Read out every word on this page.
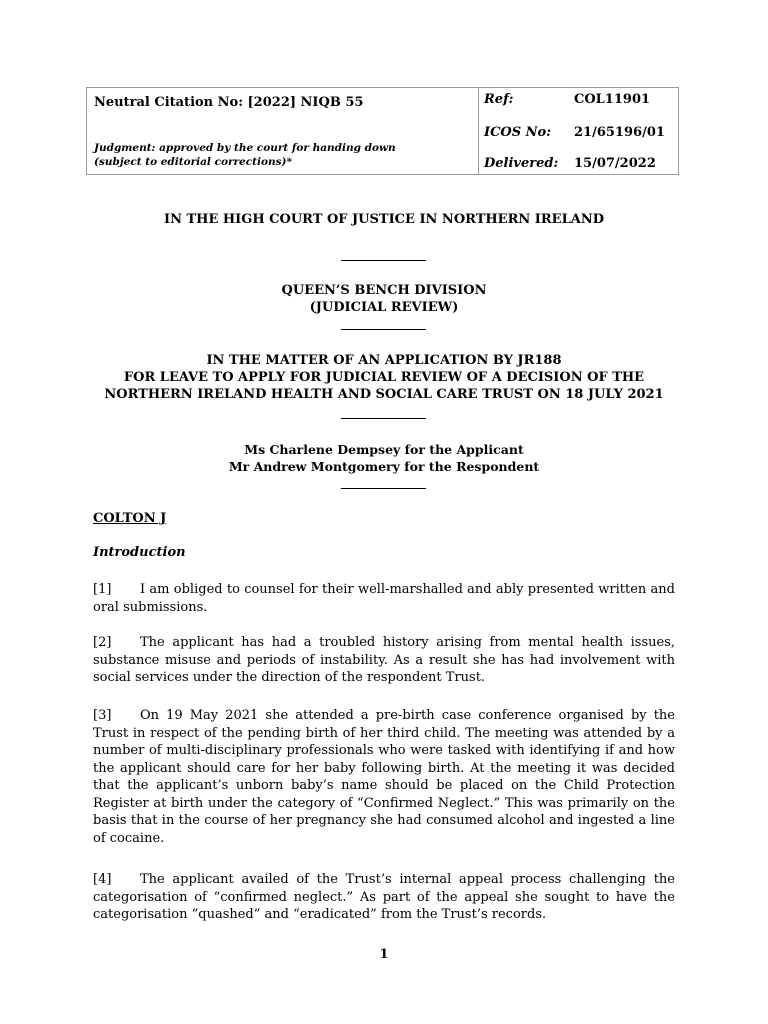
Neutral Citation No: [2022] NIQB 55
Judgment: approved by the court for handing down
(subject to editorial corrections)*
Ref:	COL11901
ICOS No: 21/65196/01
Delivered: 15/07/2022
IN THE HIGH COURT OF JUSTICE IN NORTHERN IRELAND
QUEEN’S BENCH DIVISION
(JUDICIAL REVIEW)
IN THE MATTER OF AN APPLICATION BY JR188
FOR LEAVE TO APPLY FOR JUDICIAL REVIEW OF A DECISION OF THE
NORTHERN IRELAND HEALTH AND SOCIAL CARE TRUST ON 18 JULY 2021
Ms Charlene Dempsey for the Applicant
Mr Andrew Montgomery for the Respondent
COLTON J
Introduction
[1] I am obliged to counsel for their well-marshalled and ably presented written and oral submissions.
[2] The applicant has had a troubled history arising from mental health issues, substance misuse and periods of instability. As a result she has had involvement with social services under the direction of the respondent Trust.
[3] On 19 May 2021 she attended a pre-birth case conference organised by the Trust in respect of the pending birth of her third child. The meeting was attended by a number of multi-disciplinary professionals who were tasked with identifying if and how the applicant should care for her baby following birth. At the meeting it was decided that the applicant’s unborn baby’s name should be placed on the Child Protection Register at birth under the category of “Confirmed Neglect.” This was primarily on the basis that in the course of her pregnancy she had consumed alcohol and ingested a line of cocaine.
[4] The applicant availed of the Trust’s internal appeal process challenging the categorisation of “confirmed neglect.” As part of the appeal she sought to have the categorisation “quashed” and “eradicated” from the Trust’s records.
1
